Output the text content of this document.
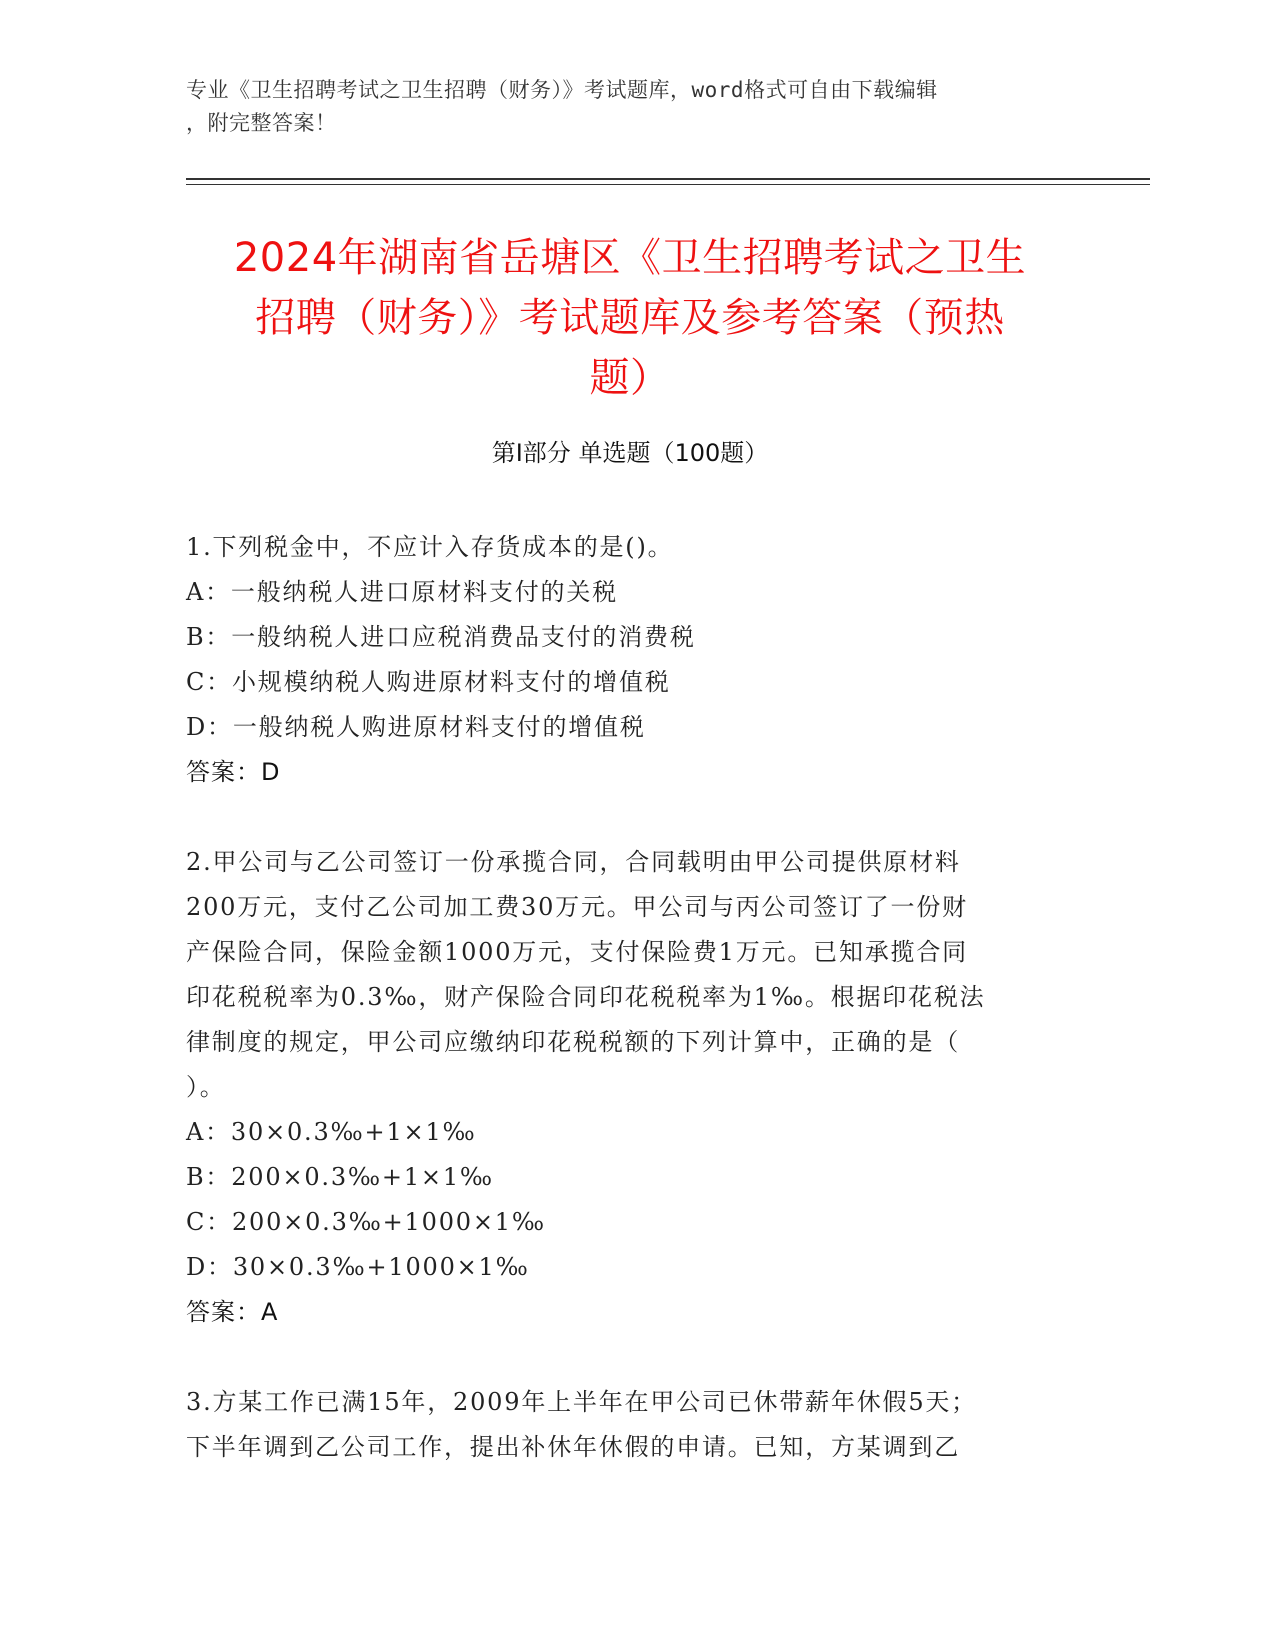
专业《卫生招聘考试之卫生招聘（财务）》考试题库，word格式可自由下载编辑
，附完整答案！
2024年湖南省岳塘区《卫生招聘考试之卫生
招聘（财务）》考试题库及参考答案（预热
题）
第Ⅰ部分 单选题（100题）
1.下列税金中，不应计入存货成本的是()。
A：一般纳税人进口原材料支付的关税
B：一般纳税人进口应税消费品支付的消费税
C：小规模纳税人购进原材料支付的增值税
D：一般纳税人购进原材料支付的增值税
答案：D
2.甲公司与乙公司签订一份承揽合同，合同载明由甲公司提供原材料
200万元，支付乙公司加工费30万元。甲公司与丙公司签订了一份财
产保险合同，保险金额1000万元，支付保险费1万元。已知承揽合同
印花税税率为0.3‰，财产保险合同印花税税率为1‰。根据印花税法
律制度的规定，甲公司应缴纳印花税税额的下列计算中，正确的是（
）。
A：30×0.3‰+1×1‰
B：200×0.3‰+1×1‰
C：200×0.3‰+1000×1‰
D：30×0.3‰+1000×1‰
答案：A
3.方某工作已满15年，2009年上半年在甲公司已休带薪年休假5天；
下半年调到乙公司工作，提出补休年休假的申请。已知，方某调到乙
